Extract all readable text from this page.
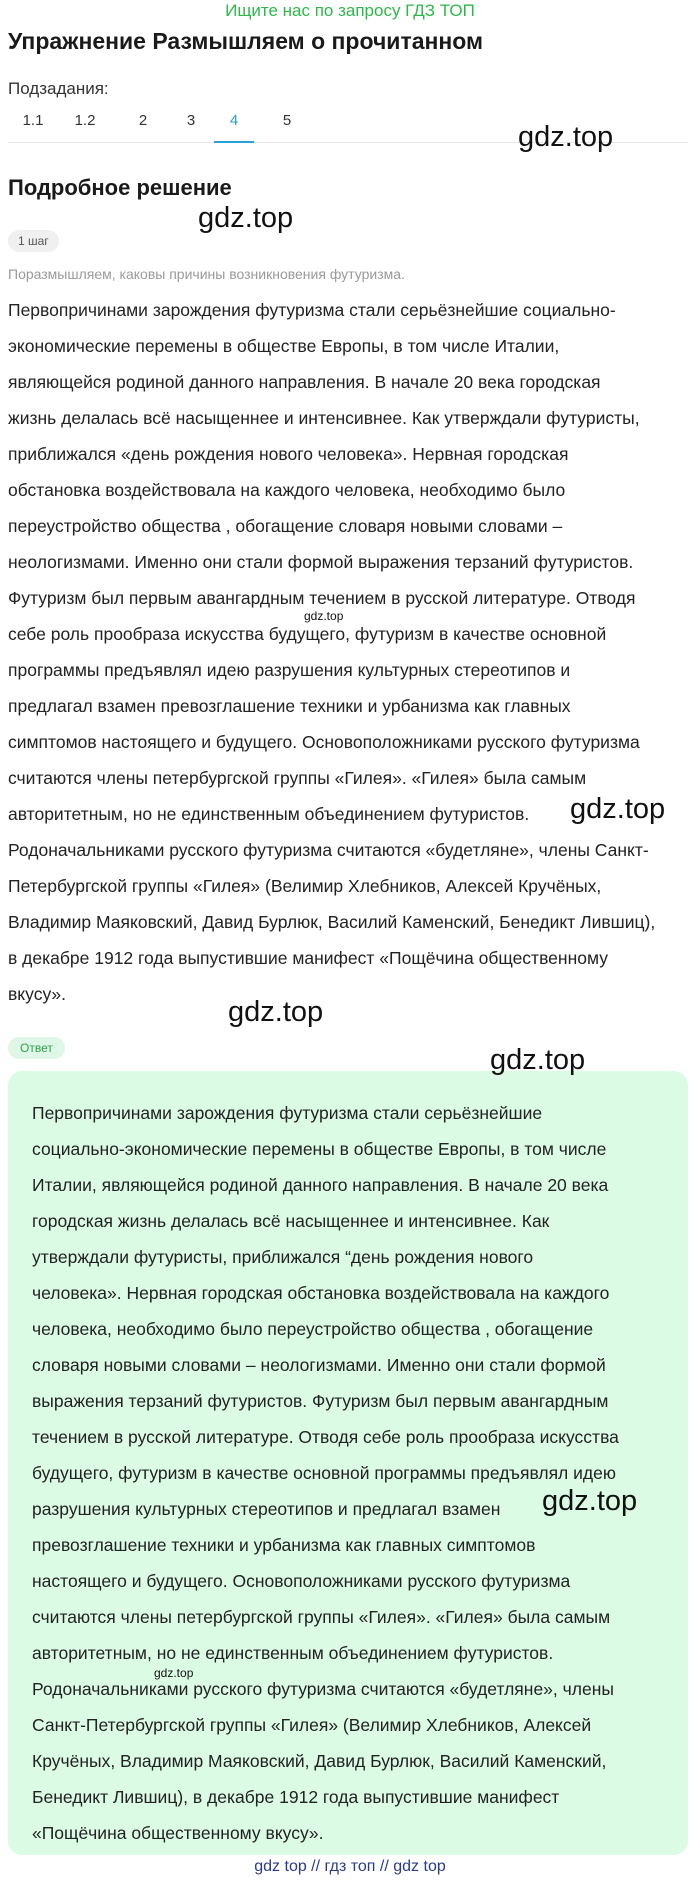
Ищите нас по запросу ГДЗ ТОП
Упражнение Размышляем о прочитанном
Подзадания:
1.1 1.2	2	3	4	5
gdz.top
Подробное решение
gdz.top
1 шаг
Поразмышляем, каковы причины возникновения футуризма.
Первопричинами зарождения футуризма стали серьёзнейшие социально-
экономические перемены в обществе Европы, в том числе Италии,
являющейся родиной данного направления. В начале 20 века городская
жизнь делалась всё насыщеннее и интенсивнее. Как утверждали футуристы,
приближался «день рождения нового человека». Нервная городская
обстановка воздействовала на каждого человека, необходимо было
переустройство общества , обогащение словаря новыми словами –
неологизмами. Именно они стали формой выражения терзаний футуристов.
Футуризм был первым авангардным течением в русской литературе. Отводя
себе роль прообраза искусства будущего, футуризм в качестве основной
программы предъявлял идею разрушения культурных стереотипов и
предлагал взамен превозглашение техники и урбанизма как главных
симптомов настоящего и будущего. Основоположниками русского футуризма
считаются члены петербургской группы «Гилея». «Гилея» была самым
авторитетным, но не единственным объединением футуристов.
Родоначальниками русского футуризма считаются «будетляне», члены Санкт-
Петербургской группы «Гилея» (Велимир Хлебников, Алексей Кручёных,
Владимир Маяковский, Давид Бурлюк, Василий Каменский, Бенедикт Лившиц),
в декабре 1912 года выпустившие манифест «Пощёчина общественному
вкусу».
gdz.top
gdz.top
gdz.top
Ответ
Первопричинами зарождения футуризма стали серьёзнейшие
социально-экономические перемены в обществе Европы, в том числе
Италии, являющейся родиной данного направления. В начале 20 века
городская жизнь делалась всё насыщеннее и интенсивнее. Как
утверждали футуристы, приближался “день рождения нового
человека». Нервная городская обстановка воздействовала на каждого
человека, необходимо было переустройство общества , обогащение
словаря новыми словами – неологизмами. Именно они стали формой
выражения терзаний футуристов. Футуризм был первым авангардным
течением в русской литературе. Отводя себе роль прообраза искусства
будущего, футуризм в качестве основной программы предъявлял идею
разрушения культурных стереотипов и предлагал взамен
превозглашение техники и урбанизма как главных симптомов
настоящего и будущего. Основоположниками русского футуризма
считаются члены петербургской группы «Гилея». «Гилея» была самым
авторитетным, но не единственным объединением футуристов.
Родоначальниками русского футуризма считаются «будетляне», члены
Санкт-Петербургской группы «Гилея» (Велимир Хлебников, Алексей
Кручёных, Владимир Маяковский, Давид Бурлюк, Василий Каменский,
Бенедикт Лившиц), в декабре 1912 года выпустившие манифест
«Пощёчина общественному вкусу».
gdz.top
gdz.top
gdz.top
gdz top // гдз топ // gdz top
